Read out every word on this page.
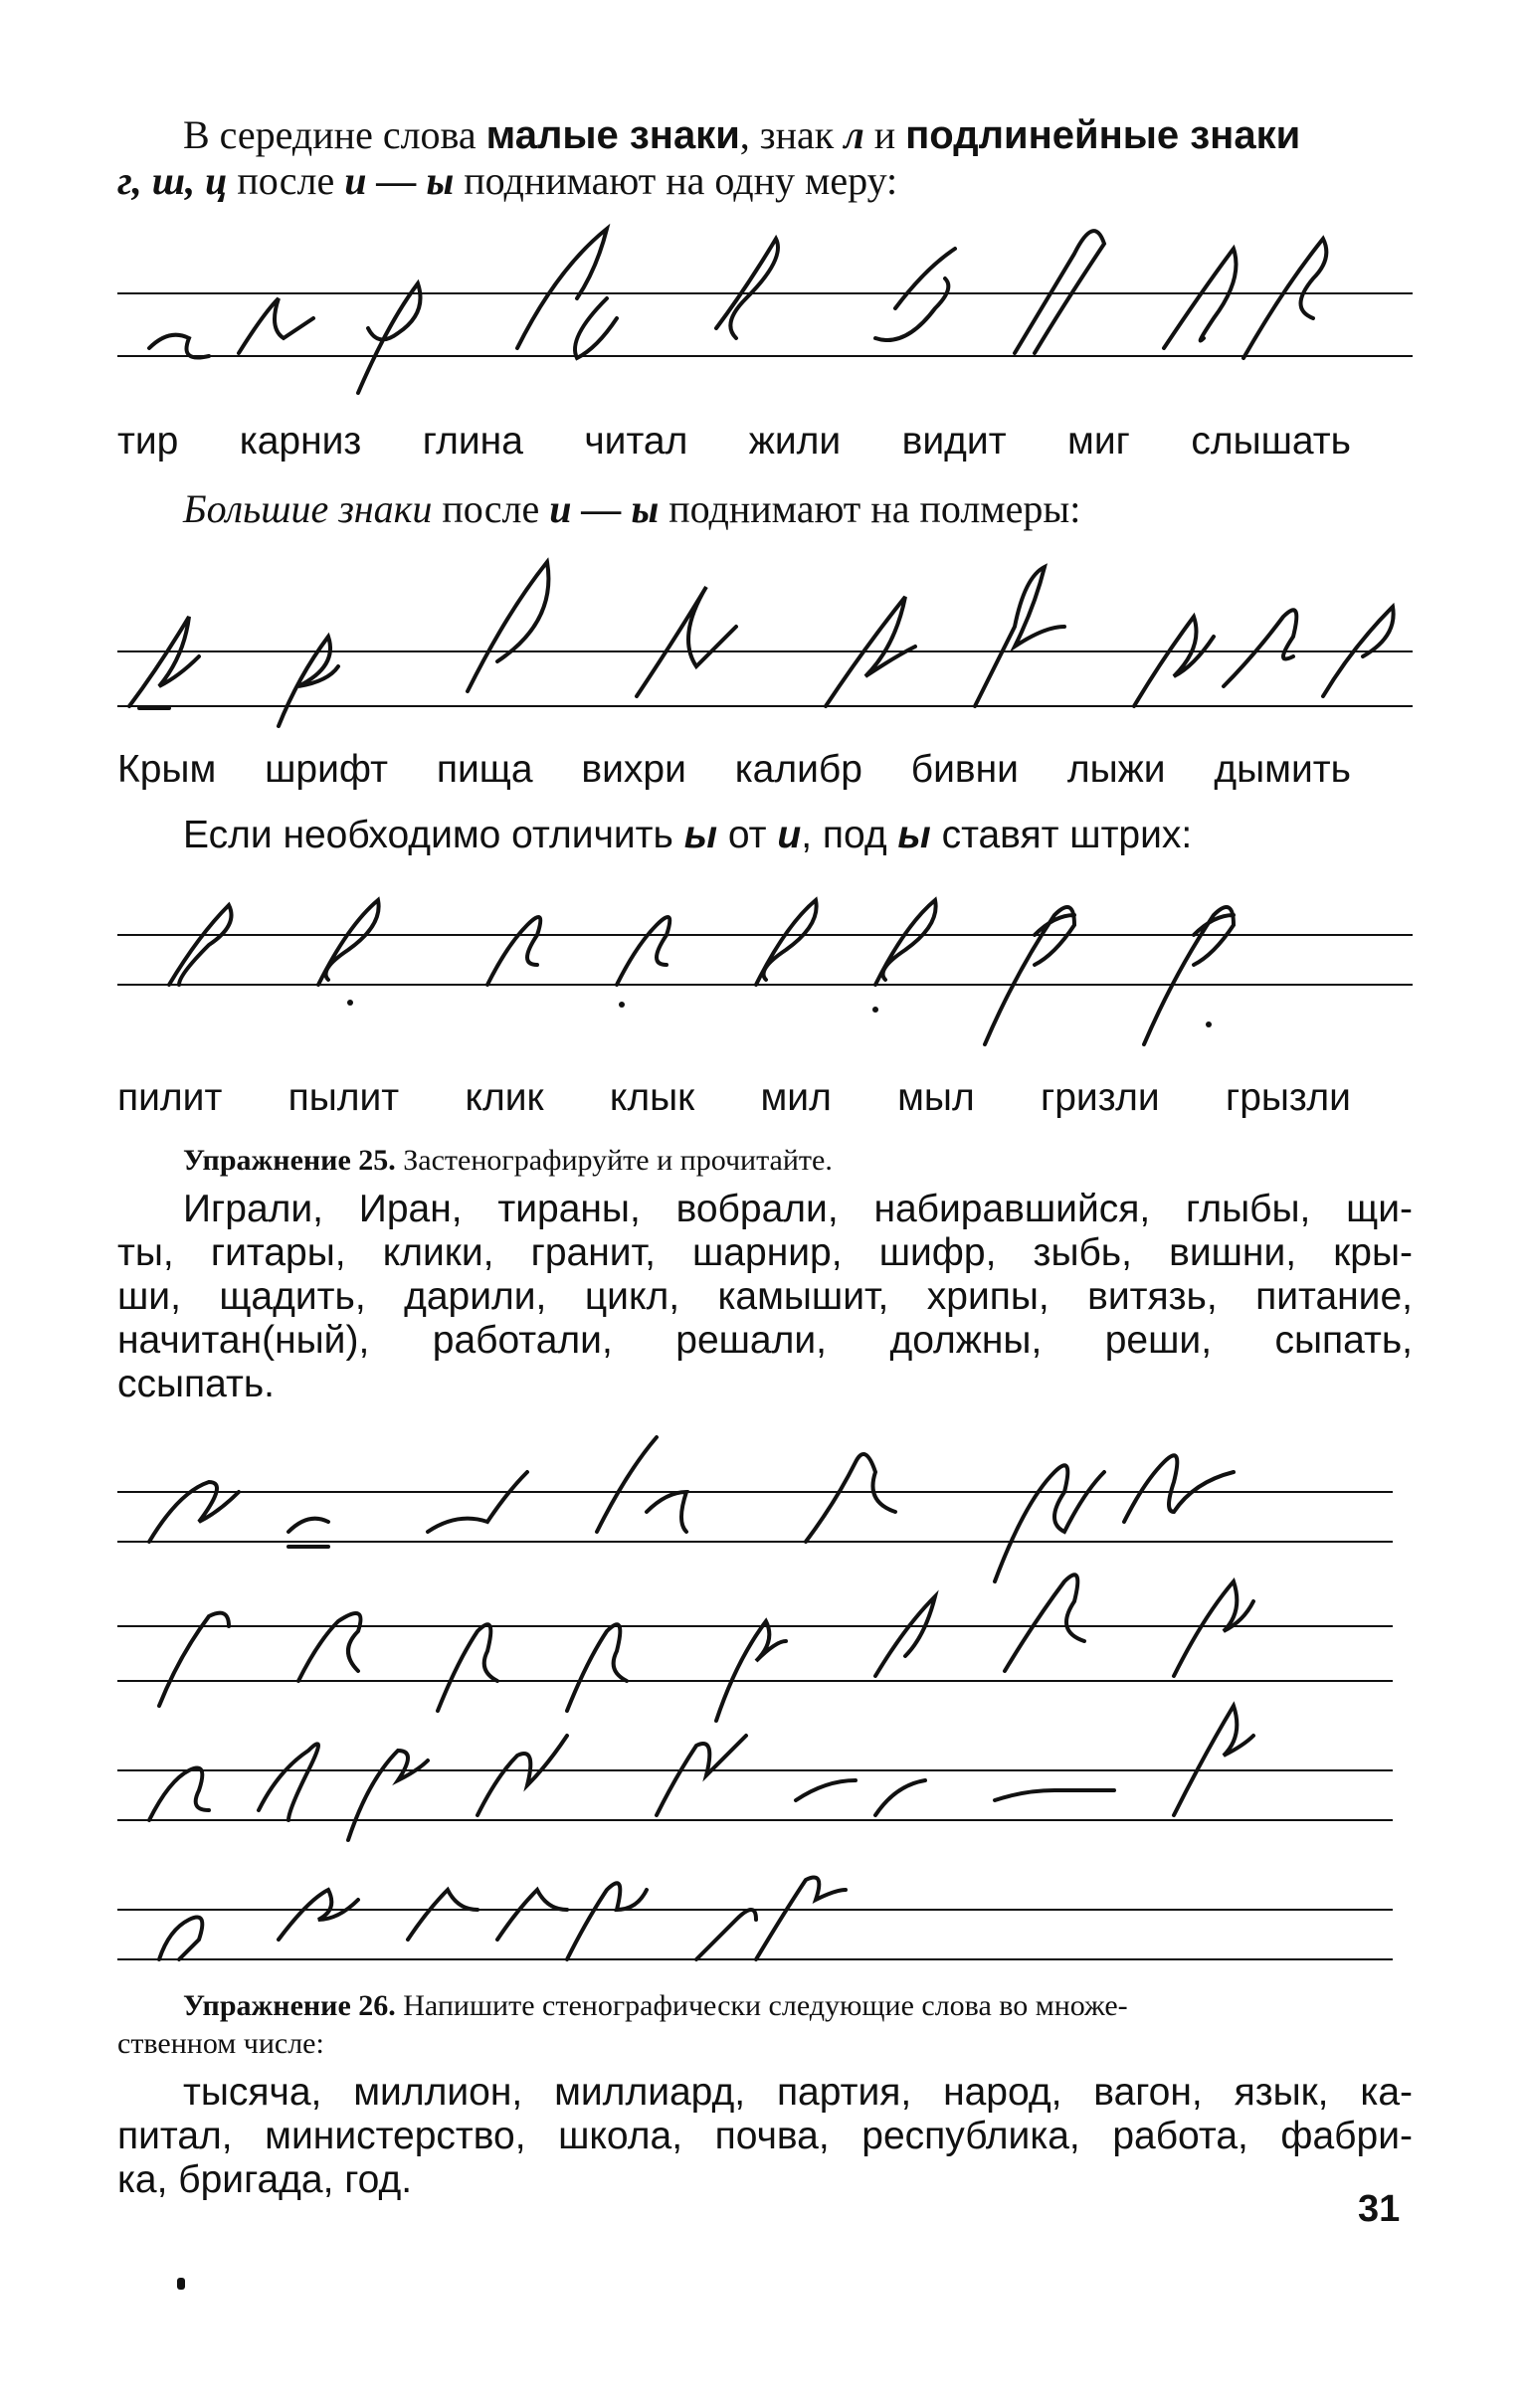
В середине слова малые знаки, знак л и подлинейные знаки
г, ш, ц после и — ы поднимают на одну меру:
тир карниз глина читал жили видит миг слышать
Большие знаки после и — ы поднимают на полмеры:
Крым шрифт пища вихри калибр бивни лыжи дымить
Если необходимо отличить ы от и, под ы ставят штрих:
пилит пылит клик клык мил мыл гризли грызли
Упражнение 25. Застенографируйте и прочитайте.
Играли, Иран, тираны, вобрали, набиравшийся, глыбы, щи-
ты, гитары, клики, гранит, шарнир, шифр, зыбь, вишни, кры-
ши, щадить, дарили, цикл, камышит, хрипы, витязь, питание,
начитан(ный), работали, решали, должны, реши, сыпать,
ссыпать.
Упражнение 26. Напишите стенографически следующие слова во множе-
ственном числе:
тысяча, миллион, миллиард, партия, народ, вагон, язык, ка-
питал, министерство, школа, почва, республика, работа, фабри-
ка, бригада, год.
31
